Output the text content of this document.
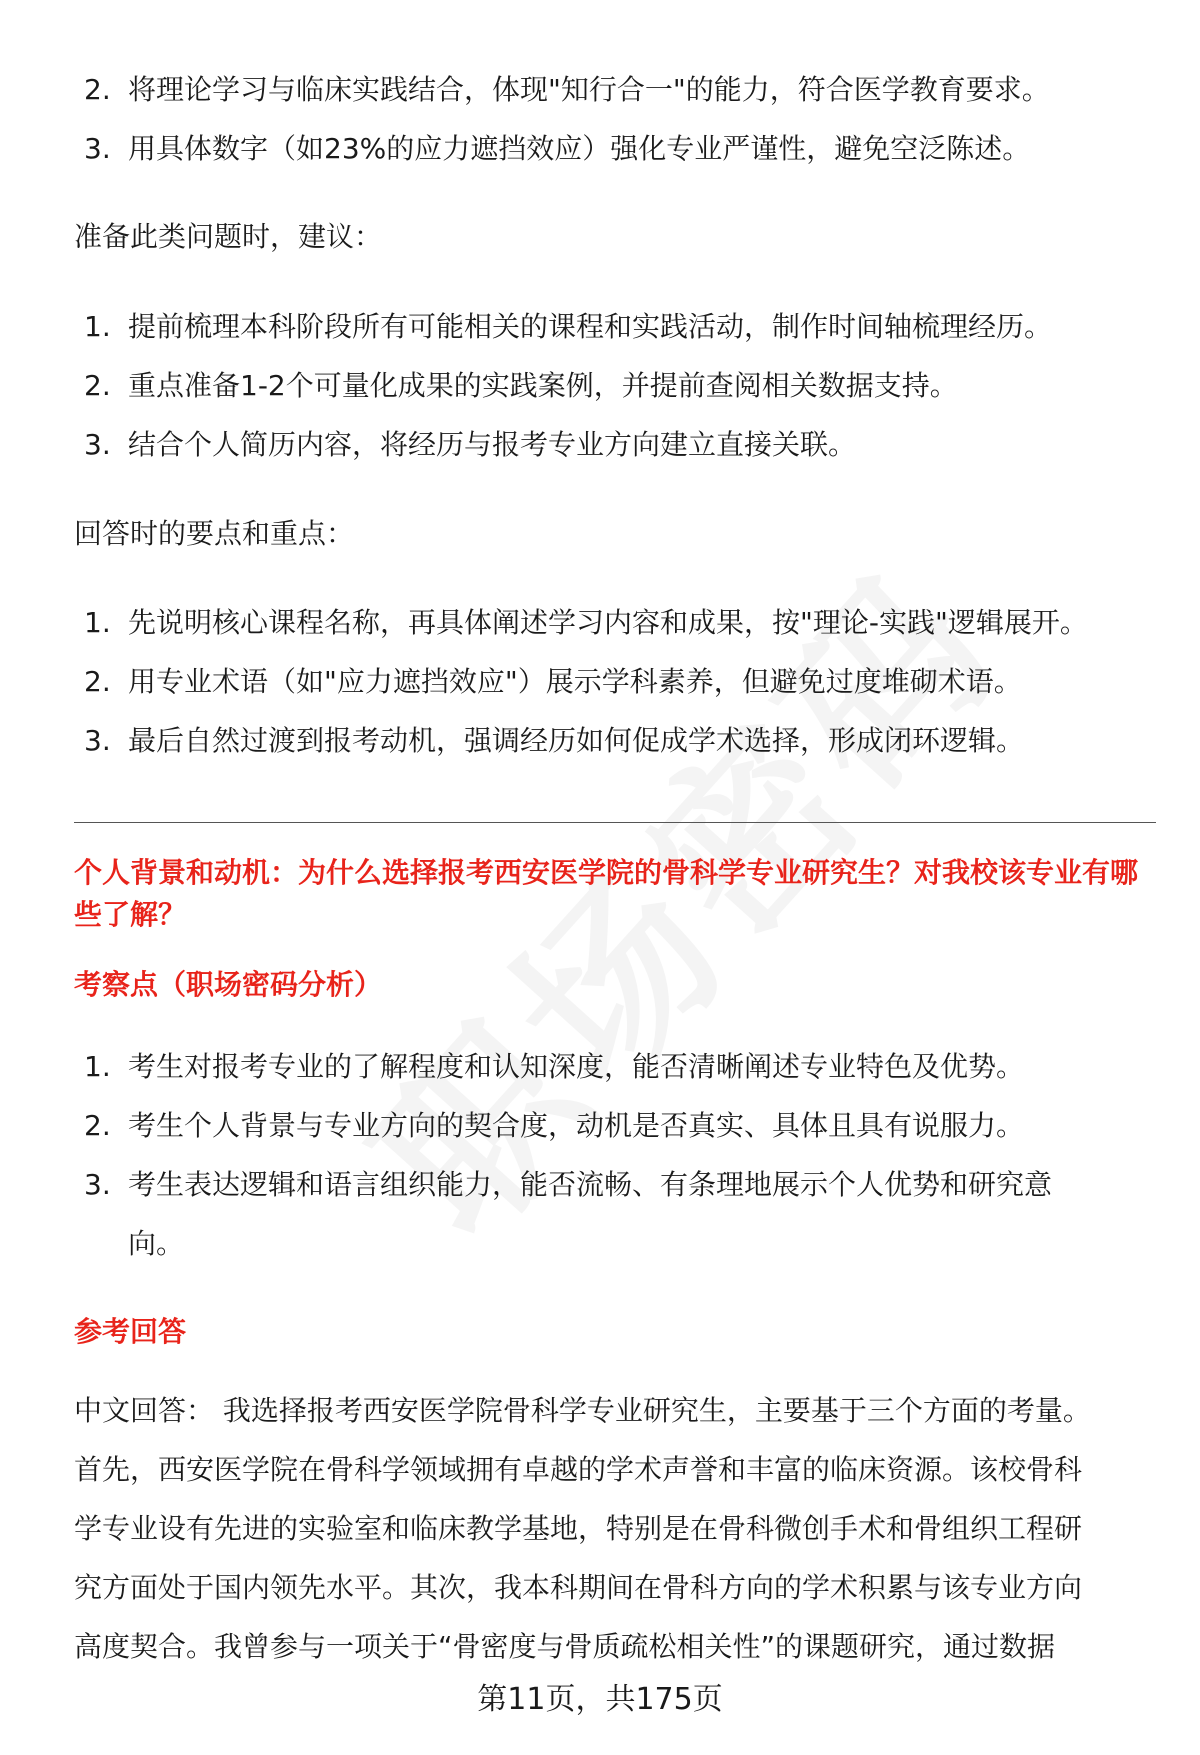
2. 将理论学习与临床实践结合，体现"知行合一"的能力，符合医学教育要求。
3. 用具体数字（如23%的应力遮挡效应）强化专业严谨性，避免空泛陈述。
准备此类问题时，建议：
1. 提前梳理本科阶段所有可能相关的课程和实践活动，制作时间轴梳理经历。
2. 重点准备1-2个可量化成果的实践案例，并提前查阅相关数据支持。
3. 结合个人简历内容，将经历与报考专业方向建立直接关联。
回答时的要点和重点：
1. 先说明核心课程名称，再具体阐述学习内容和成果，按"理论-实践"逻辑展开。
2. 用专业术语（如"应力遮挡效应"）展示学科素养，但避免过度堆砌术语。
3. 最后自然过渡到报考动机，强调经历如何促成学术选择，形成闭环逻辑。
个人背景和动机：为什么选择报考西安医学院的骨科学专业研究生？对我校该专业有哪些了解？
考察点（职场密码分析）
1. 考生对报考专业的了解程度和认知深度，能否清晰阐述专业特色及优势。
2. 考生个人背景与专业方向的契合度，动机是否真实、具体且具有说服力。
3. 考生表达逻辑和语言组织能力，能否流畅、有条理地展示个人优势和研究意
向。
参考回答
中文回答： 我选择报考西安医学院骨科学专业研究生，主要基于三个方面的考量。
首先，西安医学院在骨科学领域拥有卓越的学术声誉和丰富的临床资源。该校骨科
学专业设有先进的实验室和临床教学基地，特别是在骨科微创手术和骨组织工程研
究方面处于国内领先水平。其次，我本科期间在骨科方向的学术积累与该专业方向
高度契合。我曾参与一项关于“骨密度与骨质疏松相关性”的课题研究，通过数据
第11页，共175页
